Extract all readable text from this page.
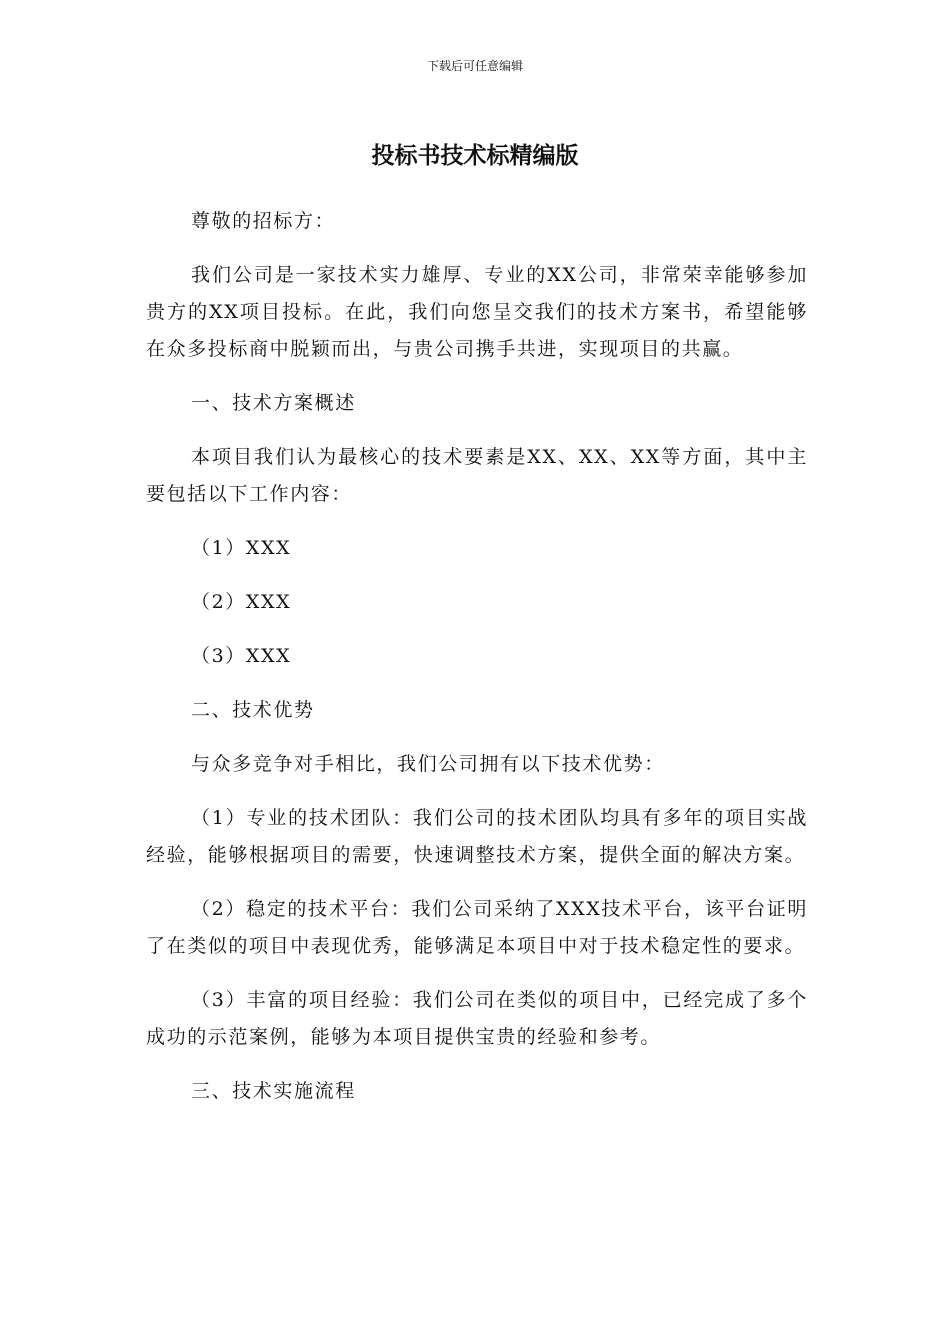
下载后可任意编辑
投标书技术标精编版

尊敬的招标方：

我们公司是一家技术实力雄厚、专业的XX公司，非常荣幸能够参加贵方的XX项目投标。在此，我们向您呈交我们的技术方案书，希望能够在众多投标商中脱颖而出，与贵公司携手共进，实现项目的共赢。

一、技术方案概述

本项目我们认为最核心的技术要素是XX、XX、XX等方面，其中主要包括以下工作内容：

（1）XXX

（2）XXX

（3）XXX

二、技术优势

与众多竞争对手相比，我们公司拥有以下技术优势：

（1）专业的技术团队：我们公司的技术团队均具有多年的项目实战经验，能够根据项目的需要，快速调整技术方案，提供全面的解决方案。

（2）稳定的技术平台：我们公司采纳了XXX技术平台，该平台证明了在类似的项目中表现优秀，能够满足本项目中对于技术稳定性的要求。

（3）丰富的项目经验：我们公司在类似的项目中，已经完成了多个成功的示范案例，能够为本项目提供宝贵的经验和参考。

三、技术实施流程
